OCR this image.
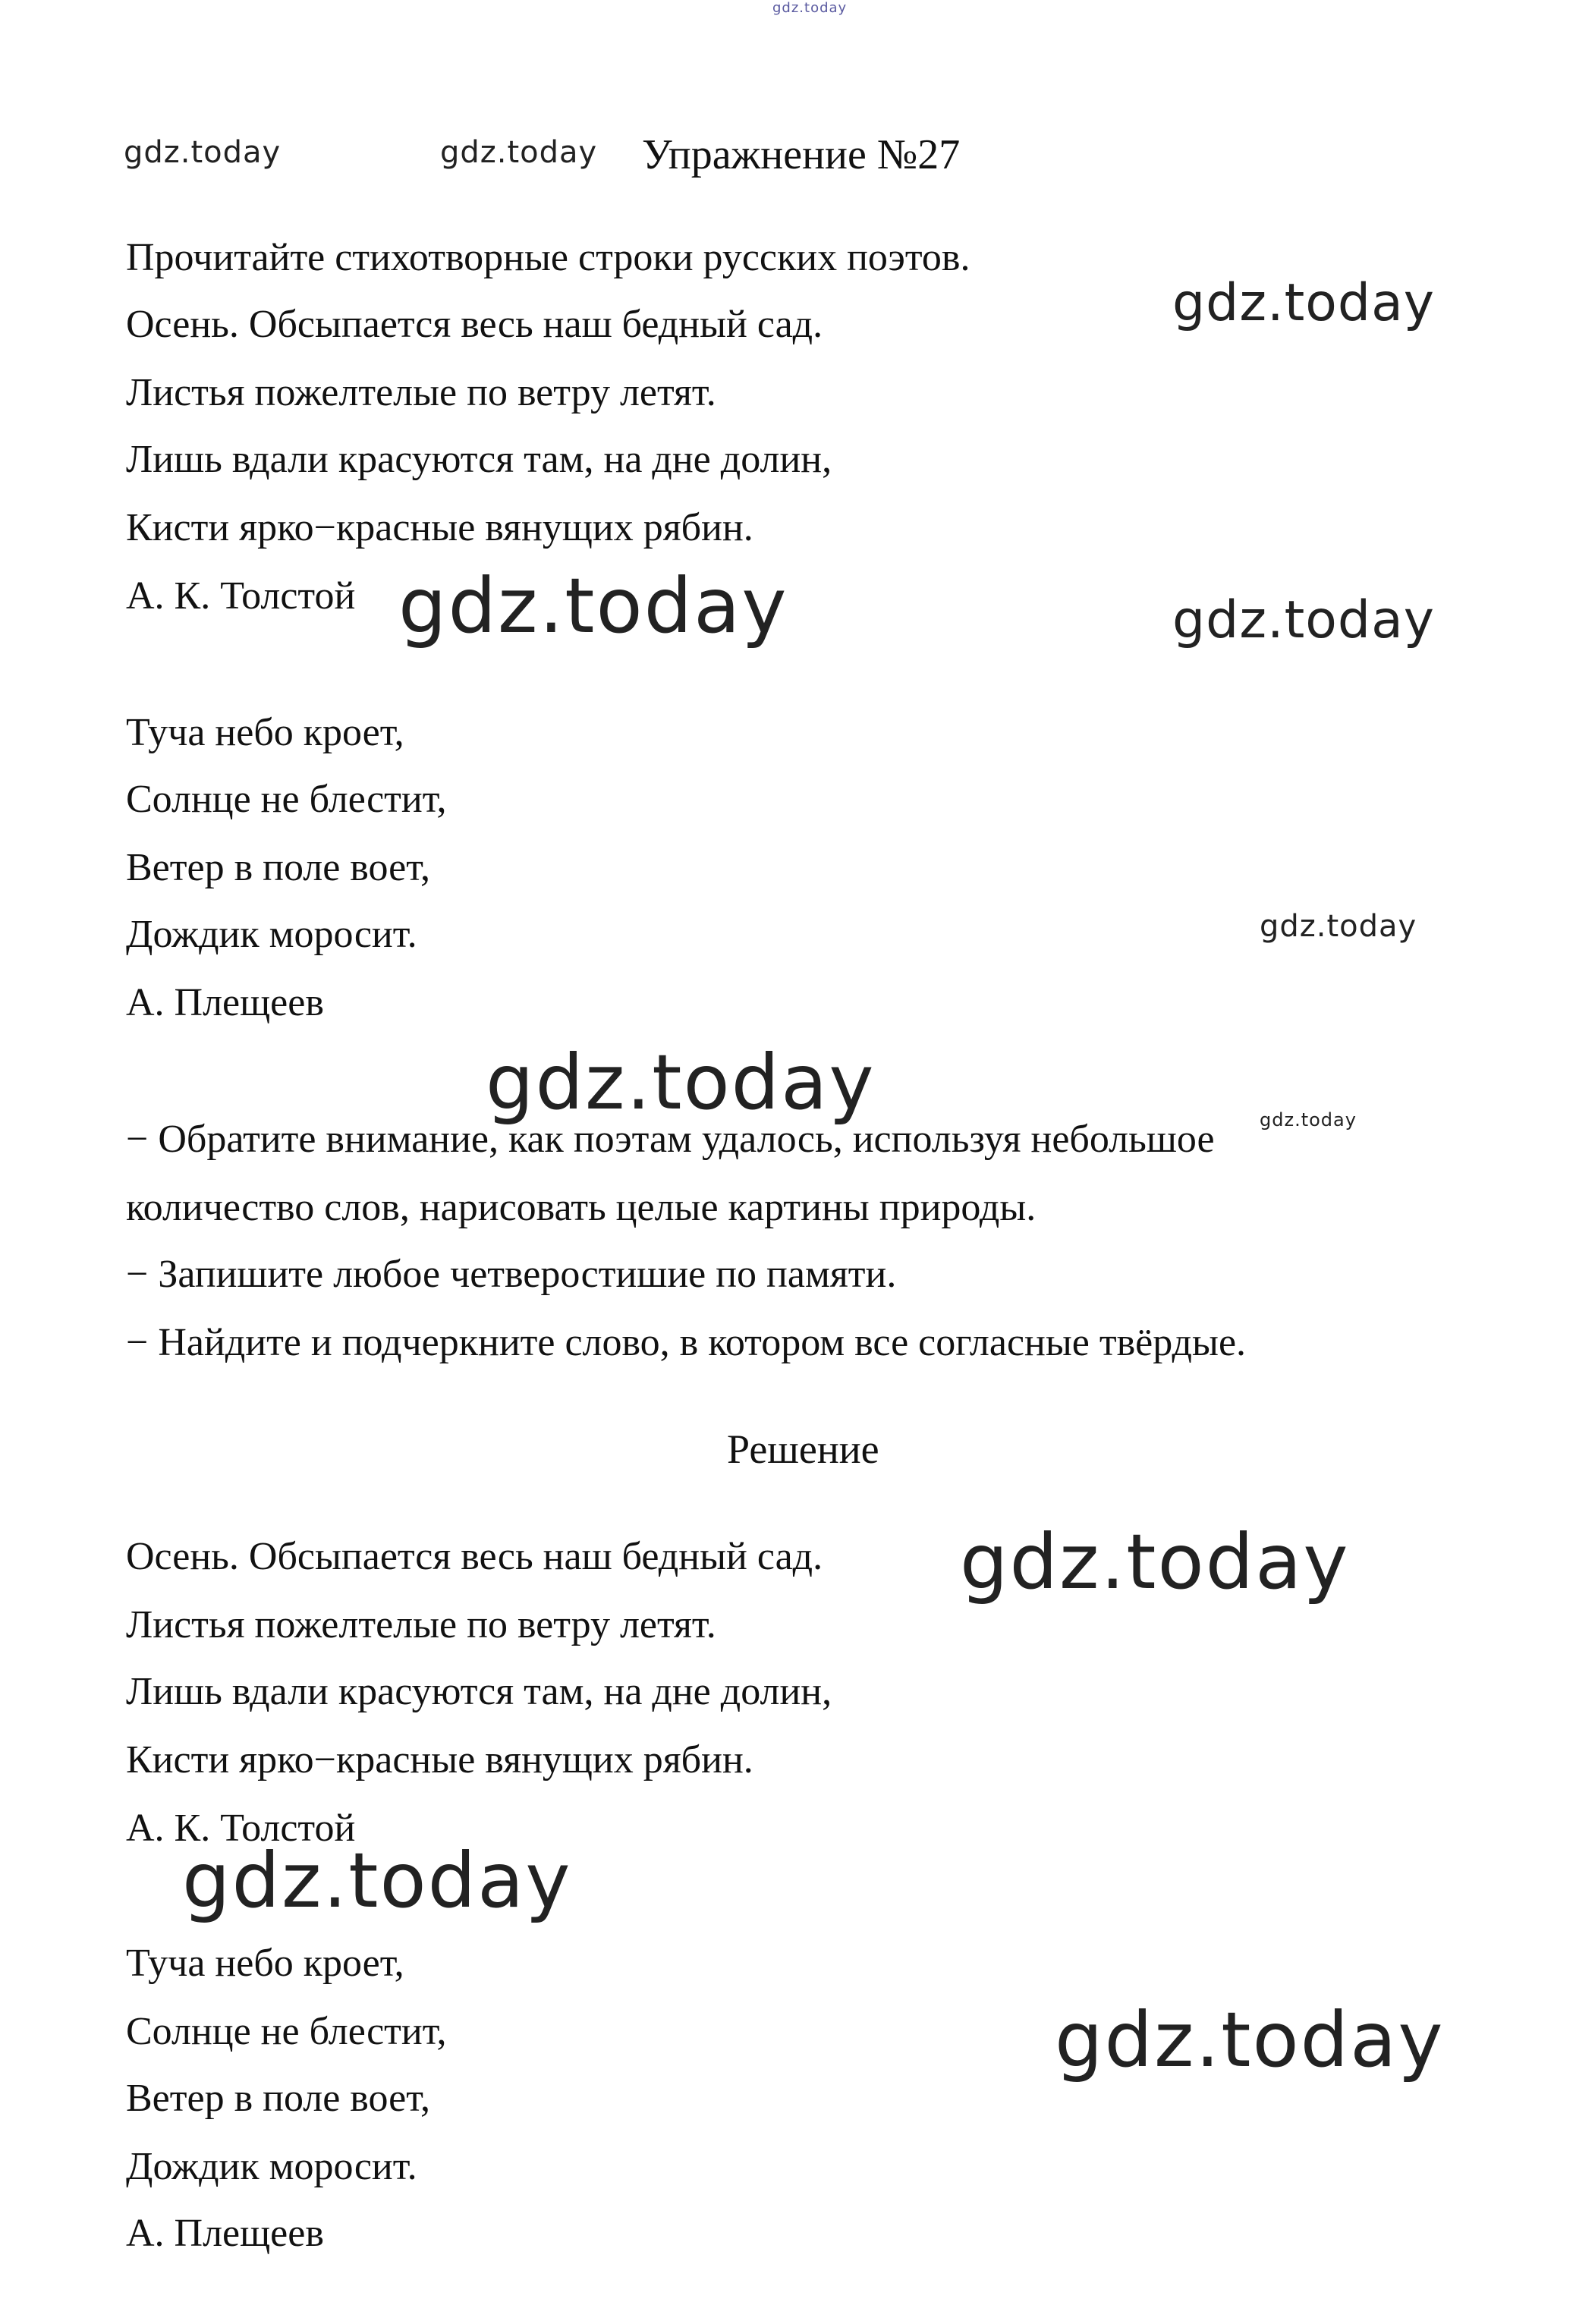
gdz.today
gdz.today	gdz.today
gdz.today
gdz.today	gdz.today
gdz.today
gdz.today	gdz.today
gdz.today
gdz.today
gdz.today
Упражнение №27
Прочитайте стихотворные строки русских поэтов.
Осень. Обсыпается весь наш бедный сад.
Листья пожелтелые по ветру летят.
Лишь вдали красуются там, на дне долин,
Кисти ярко−красные вянущих рябин.
А. К. Толстой
Туча небо кроет,
Солнце не блестит,
Ветер в поле воет,
Дождик моросит.
А. Плещеев
− Обратите внимание, как поэтам удалось, используя небольшое
количество слов, нарисовать целые картины природы.
− Запишите любое четверостишие по памяти.
− Найдите и подчеркните слово, в котором все согласные твёрдые.
Решение
Осень. Обсыпается весь наш бедный сад.
Листья пожелтелые по ветру летят.
Лишь вдали красуются там, на дне долин,
Кисти ярко−красные вянущих рябин.
А. К. Толстой
Туча небо кроет,
Солнце не блестит,
Ветер в поле воет,
Дождик моросит.
А. Плещеев
